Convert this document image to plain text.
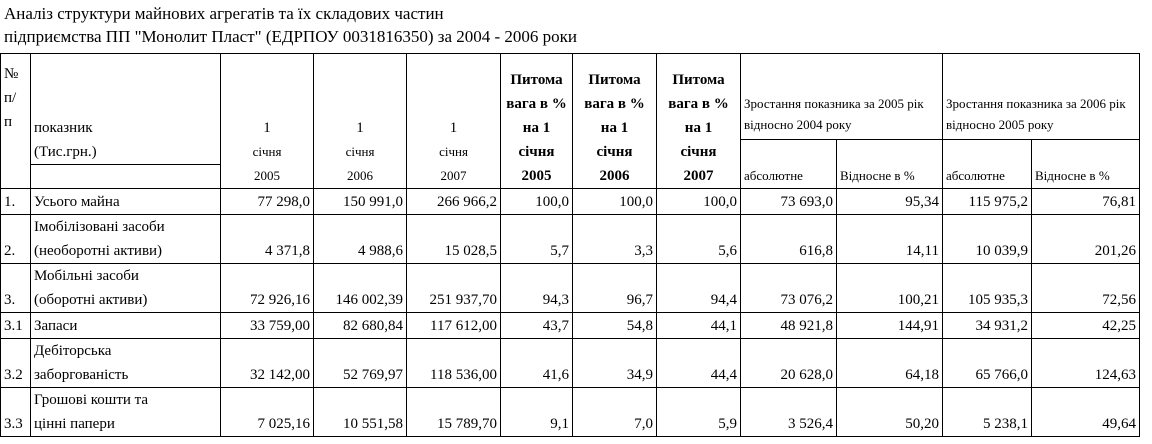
Аналіз структури майнових агрегатів та їх складових частин
підприємства ПП "Монолит Пласт" (ЕДРПОУ 0031816350) за 2004 - 2006 роки
№ п/ п	показник	1	1	1	Питома вага в % на 1	Питома вага в % на 1	Питома вага в % на 1	Зростання показника за 2005 рік відносно 2004 року		Зростання показника за 2006 рік відносно 2005 року	
	(Тис.грн.)	січня	січня	січня	січня	січня	січня	абсолютне	Відносне в %	абсолютне	Відносне в %
		2005	2006	2007	2005	2006	2007				
1.	Усього майна	77 298,0	150 991,0	266 966,2	100,0	100,0	100,0	73 693,0	95,34	115 975,2	76,81
2.	Імобілізовані засоби
(необоротні активи)	4 371,8	4 988,6	15 028,5	5,7	3,3	5,6	616,8	14,11	10 039,9	201,26
3.	Мобільні засоби
(оборотні активи)	72 926,16	146 002,39	251 937,70	94,3	96,7	94,4	73 076,2	100,21	105 935,3	72,56
3.1	Запаси	33 759,00	82 680,84	117 612,00	43,7	54,8	44,1	48 921,8	144,91	34 931,2	42,25
3.2	Дебіторська
заборгованість	32 142,00	52 769,97	118 536,00	41,6	34,9	44,4	20 628,0	64,18	65 766,0	124,63
3.3	Грошові кошти та
цінні папери	7 025,16	10 551,58	15 789,70	9,1	7,0	5,9	3 526,4	50,20	5 238,1	49,64
